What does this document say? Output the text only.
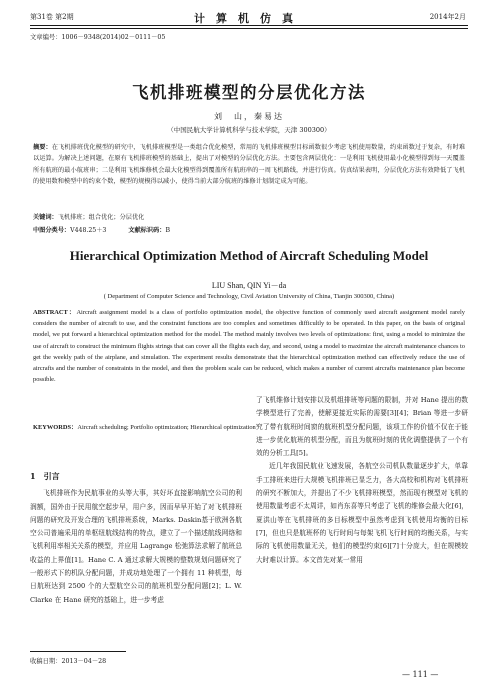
第31卷 第2期	计算机仿真	2014年2月
文章编号：1006－9348(2014)02－0111－05
飞机排班模型的分层优化方法
刘　山，秦易达
（中国民航大学计算机科学与技术学院，天津 300300）
摘要：在飞机排班优化模型的研究中，飞机排班模型是一类组合优化模型，常用的飞机排班模型目标函数很少考虑飞机使用数量，约束函数过于复杂，有时难以运算。为解决上述问题，在原有飞机排班模型的基础上，提出了对模型的分层优化方法。主要包含两层优化：一是利用飞机使用最小化模型得到每一天覆盖所有航班的最小航班串；二是利用飞机维修机会最大化模型得到覆盖所有航班串的一周飞机路线，并进行仿真。仿真结果表明，分层优化方法有效降低了飞机的使用数和模型中的约束个数，模型的规模得以减小，使得当前大部分航班的维修计划制定成为可能。
关键词：飞机排班；组合优化；分层优化
中图分类号：V448.25＋3	文献标识码：B
Hierarchical Optimization Method of Aircraft Scheduling Model
LIU Shan, QIN Yi－da
( Department of Computer Science and Technology, Civil Aviation University of China, Tianjin 300300, China)
ABSTRACT：Aircraft assignment model is a class of portfolio optimization model, the objective function of commonly used aircraft assignment model rarely considers the number of aircraft to use, and the constraint functions are too complex and sometimes difficultly to be operated. In this paper, on the basis of original model, we put forward a hierarchical optimization method for the model. The method mainly involves two levels of optimizations: first, using a model to minimize the use of aircraft to construct the minimum flights strings that can cover all the flights each day, and second, using a model to maximize the aircraft maintenance chances to get the weekly path of the airplane, and simulation. The experiment results demonstrate that the hierarchical optimization method can effectively reduce the use of aircrafts and the number of constraints in the model, and then the problem scale can be reduced, which makes a number of current aircrafts maintenance plan become possible.
KEYWORDS：Aircraft scheduling; Portfolio optimization; Hierarchical optimization
1　引言

飞机排班作为民航事业的头等大事，其好坏直接影响航空公司的利润额，国外由于民用航空起步早，用户多，因而早早开始了对飞机排班问题的研究及开发合理的飞机排班系统，Marks. Daskin基于欧洲各航空公司普遍采用的单枢纽航线结构的特点，建立了一个描述航线网络和飞机利用率相关关系的模型，并应用 Lagrange 松弛算法求解了航班总收益的上界值[1]。Hane C. A 通过求解大规模的整数规划问题研究了一般形式下的机队分配问题，并成功地处理了一个拥有 11 种机型，每日航班达到 2500 个的大型航空公司的航班机型分配问题[2]；L. W. Clarke 在 Hane 研究的基础上，进一步考虑

了飞机维修计划安排以及机组排班等问题的限制，并对 Hane 提出的数学模型进行了完善，使解更接近实际的需要[3][4]；Brian 等进一步研究了带有航班时间窗的航班机型分配问题，该项工作的价值不仅在于能进一步优化航班的机型分配，而且为航班时刻的优化调整提供了一个有效的分析工具[5]。

近几年我国民航业飞速发展，各航空公司机队数量逐步扩大，单靠手工排班来进行大规模飞机排班已显乏力，各大高校和机构对飞机排班的研究不断加大，并提出了不少飞机排班模型，然而现有模型对飞机的使用数量考虑不太周详，如肖东喜等只考虑了飞机的维修会最大化[6]，夏洪山等在飞机排班的多目标模型中虽然考虑到飞机使用均衡的目标[7]，但也只是航班杯的飞行时间与每架飞机飞行时间的均衡关系，与实际的飞机使用数量无关，他们的模型约束[6][7]十分庞大，但在规模较大时难以计算。本文首先对某一常用

收稿日期：2013－04－28
— 111 —
